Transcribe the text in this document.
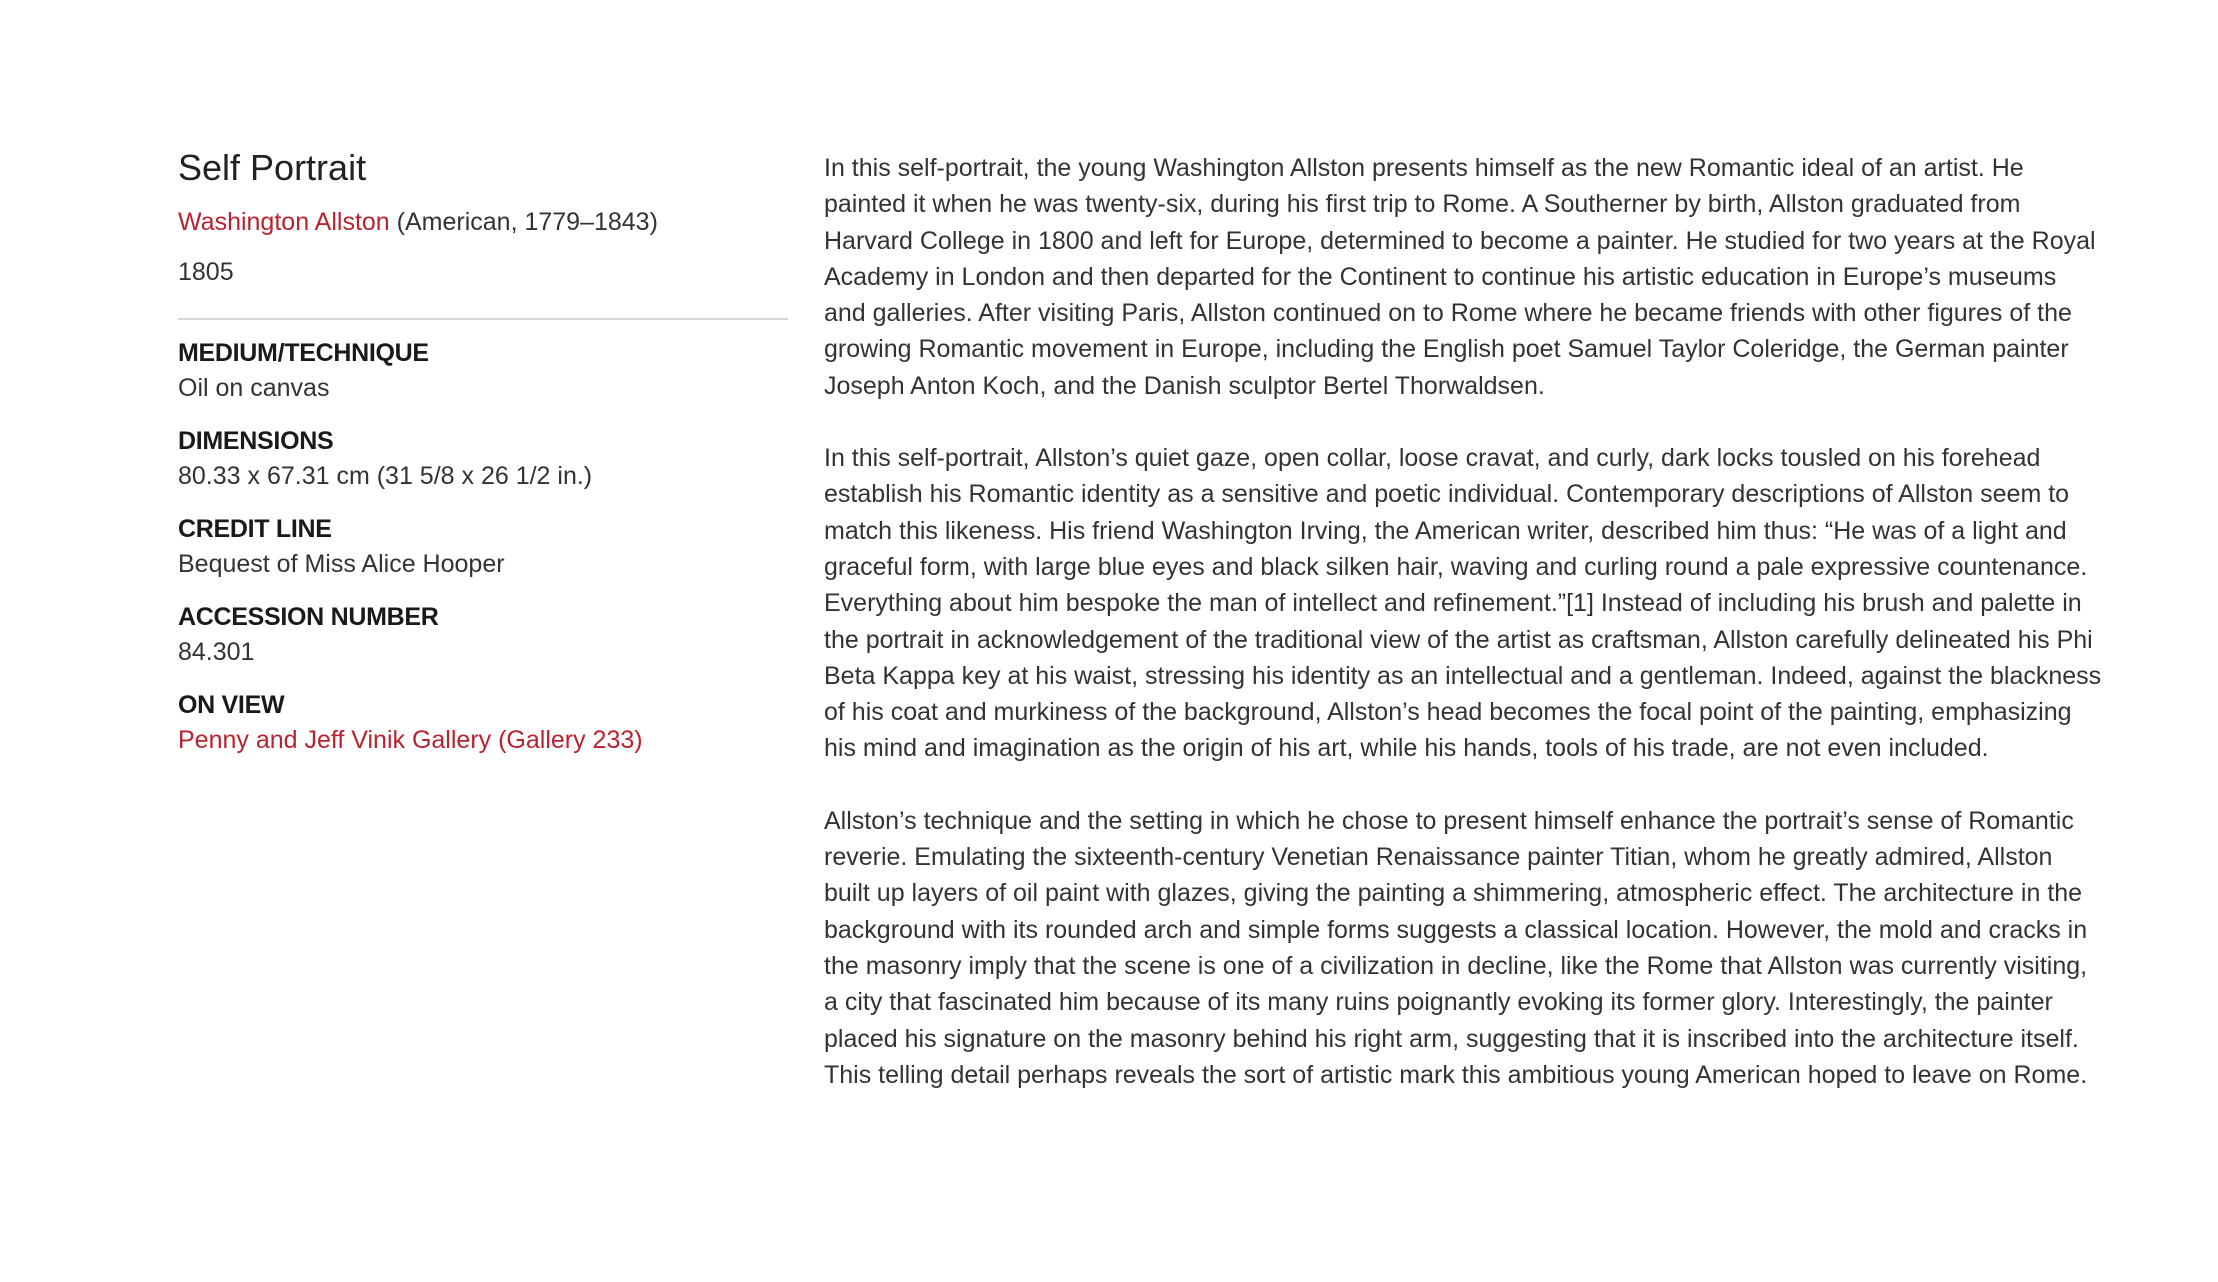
Self Portrait
Washington Allston (American, 1779–1843)
1805
MEDIUM/TECHNIQUE
Oil on canvas
DIMENSIONS
80.33 x 67.31 cm (31 5/8 x 26 1/2 in.)
CREDIT LINE
Bequest of Miss Alice Hooper
ACCESSION NUMBER
84.301
ON VIEW
Penny and Jeff Vinik Gallery (Gallery 233)

In this self-portrait, the young Washington Allston presents himself as the new Romantic ideal of an artist. He painted it when he was twenty-six, during his first trip to Rome. A Southerner by birth, Allston graduated from Harvard College in 1800 and left for Europe, determined to become a painter. He studied for two years at the Royal Academy in London and then departed for the Continent to continue his artistic education in Europe’s museums and galleries. After visiting Paris, Allston continued on to Rome where he became friends with other figures of the growing Romantic movement in Europe, including the English poet Samuel Taylor Coleridge, the German painter Joseph Anton Koch, and the Danish sculptor Bertel Thorwaldsen.

In this self-portrait, Allston’s quiet gaze, open collar, loose cravat, and curly, dark locks tousled on his forehead establish his Romantic identity as a sensitive and poetic individual. Contemporary descriptions of Allston seem to match this likeness. His friend Washington Irving, the American writer, described him thus: “He was of a light and graceful form, with large blue eyes and black silken hair, waving and curling round a pale expressive countenance. Everything about him bespoke the man of intellect and refinement.”[1] Instead of including his brush and palette in the portrait in acknowledgement of the traditional view of the artist as craftsman, Allston carefully delineated his Phi Beta Kappa key at his waist, stressing his identity as an intellectual and a gentleman. Indeed, against the blackness of his coat and murkiness of the background, Allston’s head becomes the focal point of the painting, emphasizing his mind and imagination as the origin of his art, while his hands, tools of his trade, are not even included.

Allston’s technique and the setting in which he chose to present himself enhance the portrait’s sense of Romantic reverie. Emulating the sixteenth-century Venetian Renaissance painter Titian, whom he greatly admired, Allston built up layers of oil paint with glazes, giving the painting a shimmering, atmospheric effect. The architecture in the background with its rounded arch and simple forms suggests a classical location. However, the mold and cracks in the masonry imply that the scene is one of a civilization in decline, like the Rome that Allston was currently visiting, a city that fascinated him because of its many ruins poignantly evoking its former glory. Interestingly, the painter placed his signature on the masonry behind his right arm, suggesting that it is inscribed into the architecture itself. This telling detail perhaps reveals the sort of artistic mark this ambitious young American hoped to leave on Rome.
